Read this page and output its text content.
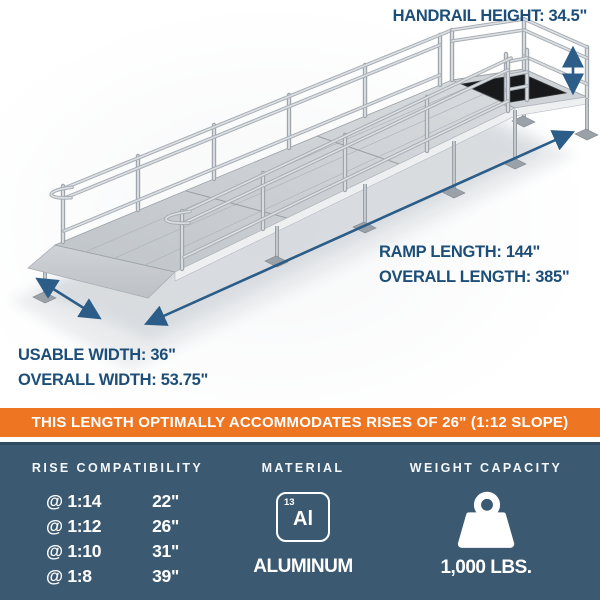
HANDRAIL HEIGHT: 34.5"
RAMP LENGTH: 144"
OVERALL LENGTH: 385"
USABLE WIDTH: 36"
OVERALL WIDTH: 53.75"
THIS LENGTH OPTIMALLY ACCOMMODATES RISES OF 26" (1:12 SLOPE)
RISE COMPATIBILITY	MATERIAL	WEIGHT CAPACITY
@ 1:14	22"
@ 1:12	26"
@ 1:10	31"
@ 1:8	39"
13
Al
ALUMINUM	1,000 LBS.
